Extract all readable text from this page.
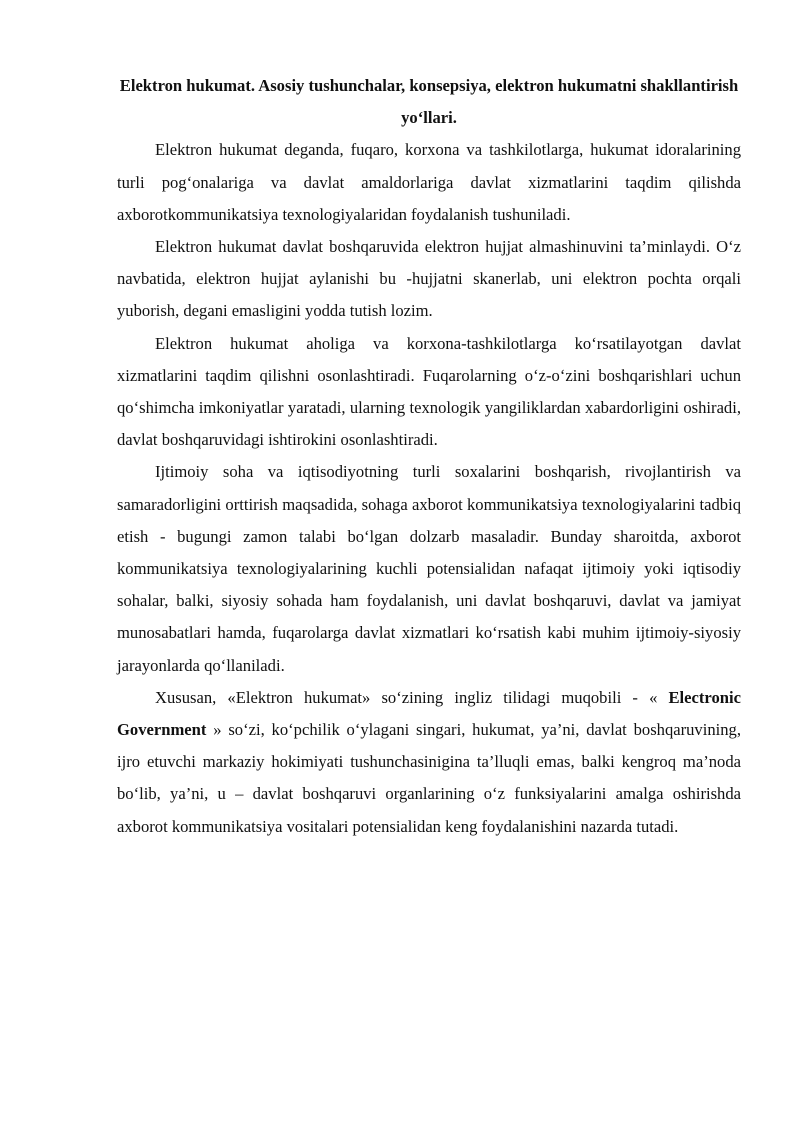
Elektron hukumat. Asosiy tushunchalar, konsepsiya, elektron hukumatni shakllantirish yo‘llari.

Elektron hukumat deganda, fuqaro, korxona va tashkilotlarga, hukumat idoralarining turli pog‘onalariga va davlat amaldorlariga davlat xizmatlarini taqdim qilishda axborotkommunikatsiya texnologiyalaridan foydalanish tushuniladi.

Elektron hukumat davlat boshqaruvida elektron hujjat almashinuvini ta’minlaydi. O‘z navbatida, elektron hujjat aylanishi bu -hujjatni skanerlab, uni elektron pochta orqali yuborish, degani emasligini yodda tutish lozim.

Elektron hukumat aholiga va korxona-tashkilotlarga ko‘rsatilayotgan davlat xizmatlarini taqdim qilishni osonlashtiradi. Fuqarolarning o‘z-o‘zini boshqarishlari uchun qo‘shimcha imkoniyatlar yaratadi, ularning texnologik yangiliklardan xabardorligini oshiradi, davlat boshqaruvidagi ishtirokini osonlashtiradi.

Ijtimoiy soha va iqtisodiyotning turli soxalarini boshqarish, rivojlantirish va samaradorligini orttirish maqsadida, sohaga axborot kommunikatsiya texnologiyalarini tadbiq etish - bugungi zamon talabi bo‘lgan dolzarb masaladir. Bunday sharoitda, axborot kommunikatsiya texnologiyalarining kuchli potensialidan nafaqat ijtimoiy yoki iqtisodiy sohalar, balki, siyosiy sohada ham foydalanish, uni davlat boshqaruvi, davlat va jamiyat munosabatlari hamda, fuqarolarga davlat xizmatlari ko‘rsatish kabi muhim ijtimoiy-siyosiy jarayonlarda qo‘llaniladi.

Xususan, «Elektron hukumat» so‘zining ingliz tilidagi muqobili - « Electronic Government » so‘zi, ko‘pchilik o‘ylagani singari, hukumat, ya’ni, davlat boshqaruvining, ijro etuvchi markaziy hokimiyati tushunchasinigina ta’lluqli emas, balki kengroq ma’noda bo‘lib, ya’ni, u – davlat boshqaruvi organlarining o‘z funksiyalarini amalga oshirishda axborot kommunikatsiya vositalari potensialidan keng foydalanishini nazarda tutadi.
